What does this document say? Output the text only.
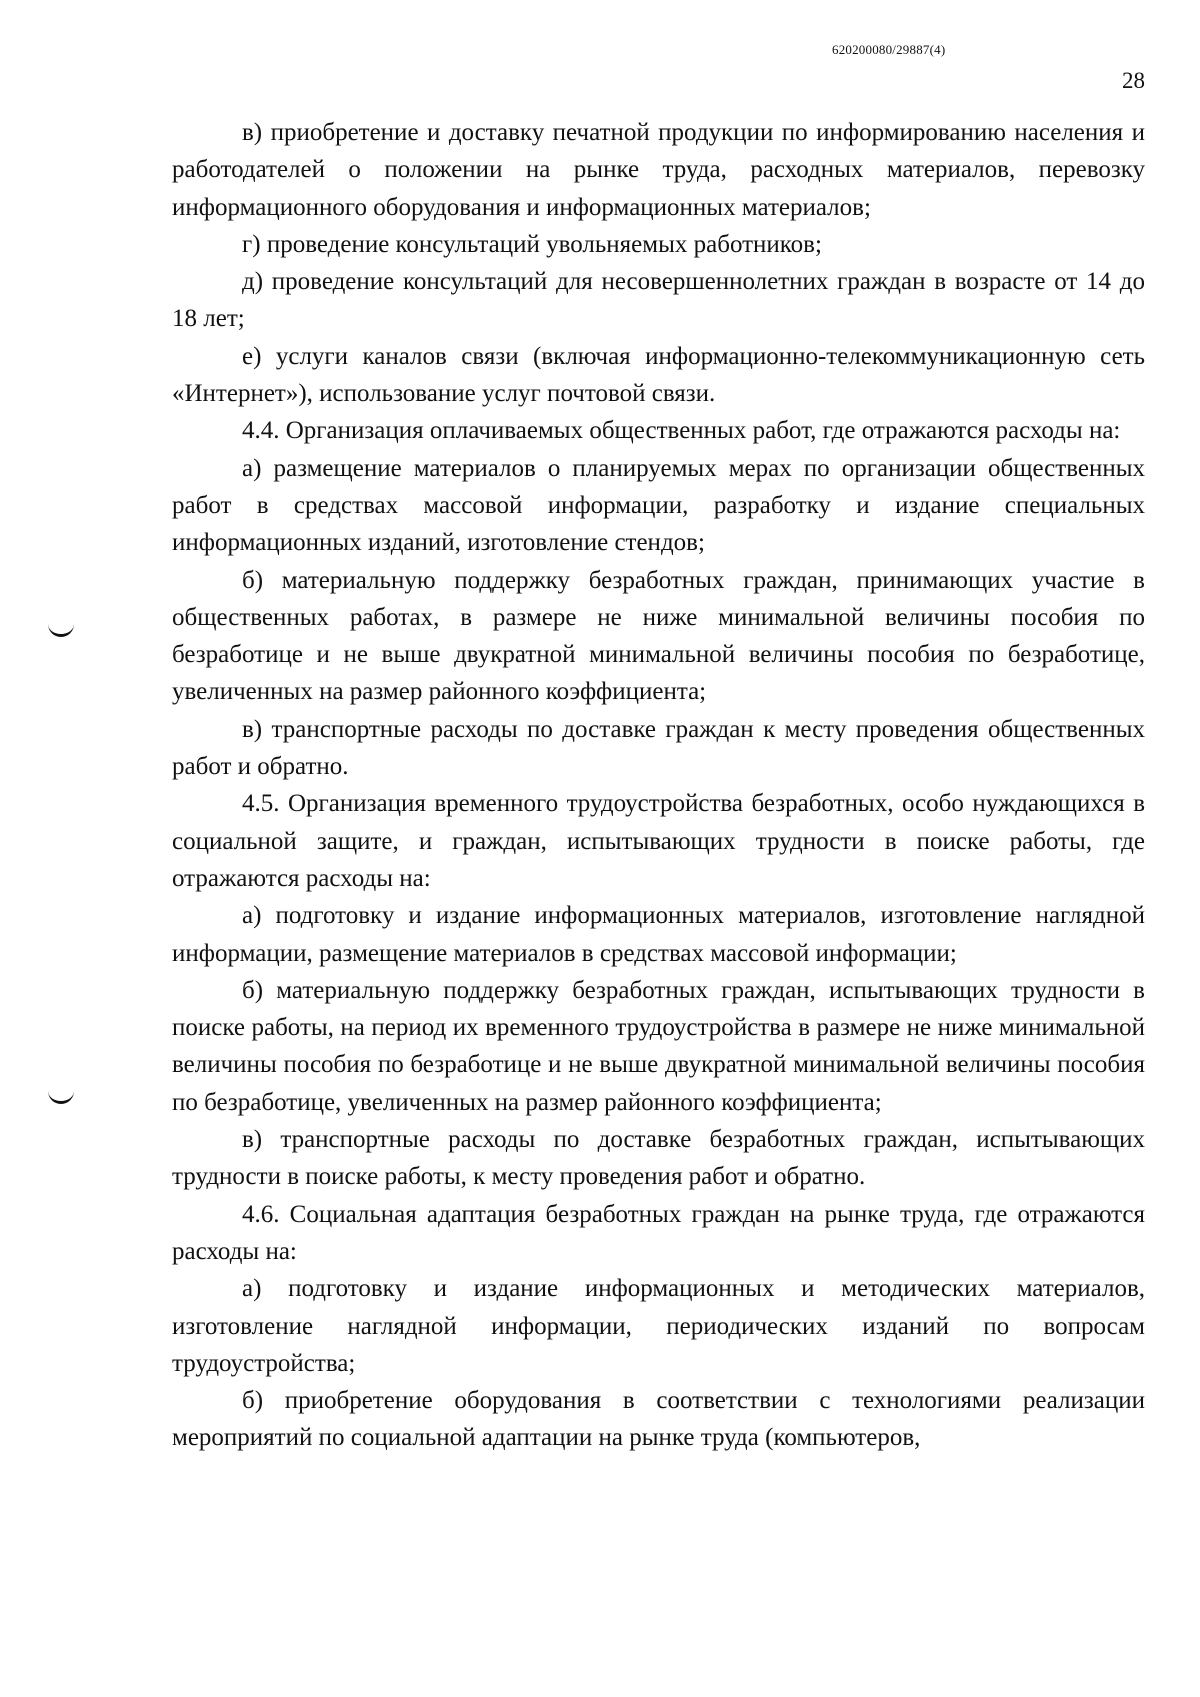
620200080/29887(4)
28

в) приобретение и доставку печатной продукции по информированию населения и работодателей о положении на рынке труда, расходных материалов, перевозку информационного оборудования и информационных материалов;

г) проведение консультаций увольняемых работников;

д) проведение консультаций для несовершеннолетних граждан в возрасте от 14 до 18 лет;

е) услуги каналов связи (включая информационно-телекоммуникационную сеть «Интернет»), использование услуг почтовой связи.

4.4. Организация оплачиваемых общественных работ, где отражаются расходы на:

а) размещение материалов о планируемых мерах по организации общественных работ в средствах массовой информации, разработку и издание специальных информационных изданий, изготовление стендов;

б) материальную поддержку безработных граждан, принимающих участие в общественных работах, в размере не ниже минимальной величины пособия по безработице и не выше двукратной минимальной величины пособия по безработице, увеличенных на размер районного коэффициента;

в) транспортные расходы по доставке граждан к месту проведения общественных работ и обратно.

4.5. Организация временного трудоустройства безработных, особо нуждающихся в социальной защите, и граждан, испытывающих трудности в поиске работы, где отражаются расходы на:

а) подготовку и издание информационных материалов, изготовление наглядной информации, размещение материалов в средствах массовой информации;

б) материальную поддержку безработных граждан, испытывающих трудности в поиске работы, на период их временного трудоустройства в размере не ниже минимальной величины пособия по безработице и не выше двукратной минимальной величины пособия по безработице, увеличенных на размер районного коэффициента;

в) транспортные расходы по доставке безработных граждан, испытывающих трудности в поиске работы, к месту проведения работ и обратно.

4.6. Социальная адаптация безработных граждан на рынке труда, где отражаются расходы на:

а) подготовку и издание информационных и методических материалов, изготовление наглядной информации, периодических изданий по вопросам трудоустройства;

б) приобретение оборудования в соответствии с технологиями реализации мероприятий по социальной адаптации на рынке труда (компьютеров,
